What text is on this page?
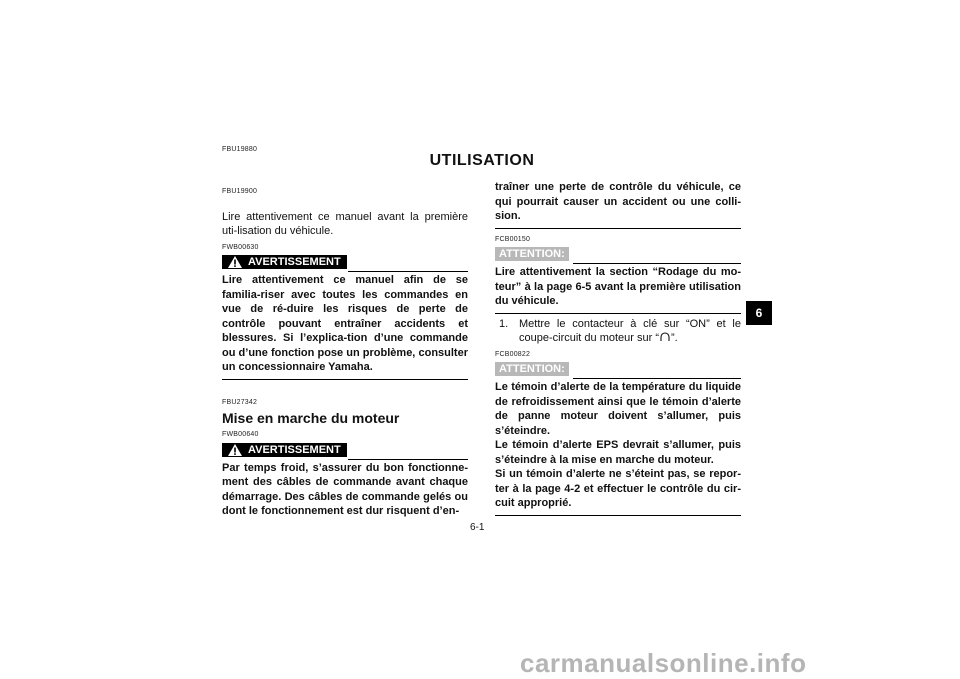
FBU19880
UTILISATION
FBU19900

Lire attentivement ce manuel avant la première uti-lisation du véhicule.

FWB00630
AVERTISSEMENT

Lire attentivement ce manuel afin de se familia-riser avec toutes les commandes en vue de ré-duire les risques de perte de contrôle pouvant entraîner accidents et blessures. Si l’explica-tion d’une commande ou d’une fonction pose un problème, consulter un concessionnaire Yamaha.

FBU27342
Mise en marche du moteur
FWB00640
AVERTISSEMENT

Par temps froid, s’assurer du bon fonctionne-ment des câbles de commande avant chaque démarrage. Des câbles de commande gelés ou dont le fonctionnement est dur risquent d’en-

traîner une perte de contrôle du véhicule, ce qui pourrait causer un accident ou une colli-sion.

FCB00150
ATTENTION:

Lire attentivement la section “Rodage du mo-teur” à la page 6-5 avant la première utilisation du véhicule.

1. Mettre le contacteur à clé sur “ON” et le coupe-circuit du moteur sur “ ”.
FCB00822
ATTENTION:

Le témoin d’alerte de la température du liquide de refroidissement ainsi que le témoin d’alerte de panne moteur doivent s’allumer, puis s’éteindre.

Le témoin d’alerte EPS devrait s’allumer, puis s’éteindre à la mise en marche du moteur.

Si un témoin d’alerte ne s’éteint pas, se repor-ter à la page 4-2 et effectuer le contrôle du cir-cuit approprié.

6
6-1
carmanualsonline.info
